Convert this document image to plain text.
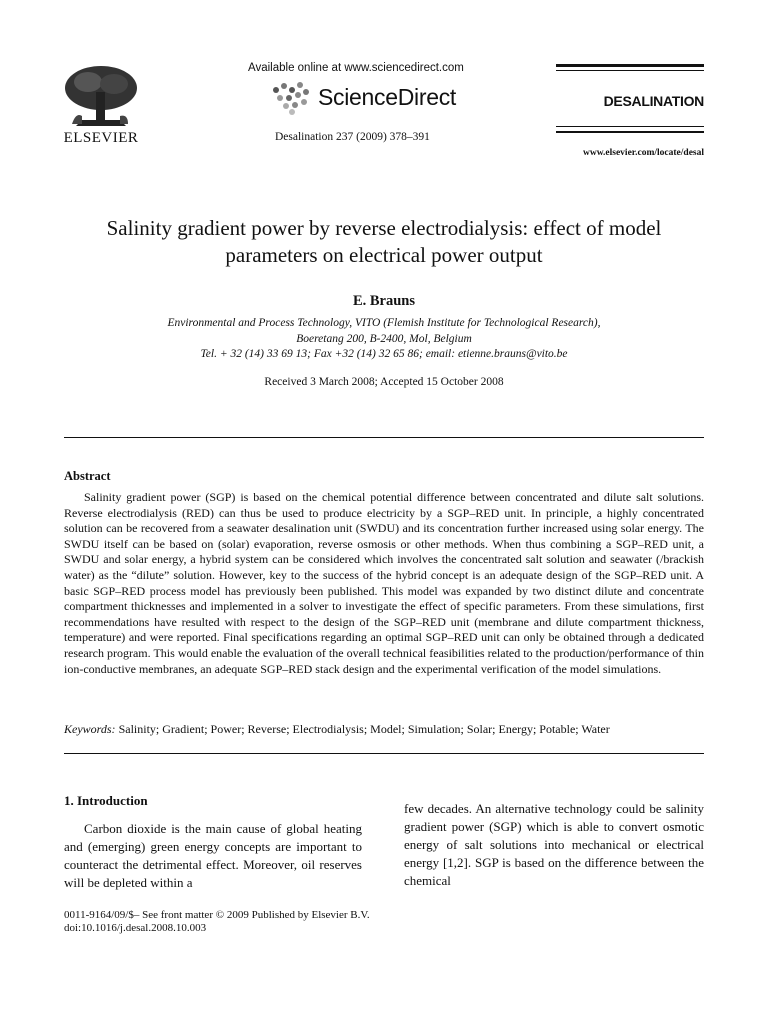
ELSEVIER
Available online at www.sciencedirect.com
ScienceDirect
Desalination 237 (2009) 378–391
DESALINATION
www.elsevier.com/locate/desal
Salinity gradient power by reverse electrodialysis: effect of model parameters on electrical power output
E. Brauns
Environmental and Process Technology, VITO (Flemish Institute for Technological Research),
Boeretang 200, B-2400, Mol, Belgium
Tel. + 32 (14) 33 69 13; Fax +32 (14) 32 65 86; email: etienne.brauns@vito.be
Received 3 March 2008; Accepted 15 October 2008
Abstract

Salinity gradient power (SGP) is based on the chemical potential difference between concentrated and dilute salt solutions. Reverse electrodialysis (RED) can thus be used to produce electricity by a SGP–RED unit. In principle, a highly concentrated solution can be recovered from a seawater desalination unit (SWDU) and its concentration further increased using solar energy. The SWDU itself can be based on (solar) evaporation, reverse osmosis or other methods. When thus combining a SGP–RED unit, a SWDU and solar energy, a hybrid system can be considered which involves the concentrated salt solution and seawater (/brackish water) as the “dilute” solution. However, key to the success of the hybrid concept is an adequate design of the SGP–RED unit. A basic SGP–RED process model has previously been published. This model was expanded by two distinct dilute and concentrate compartment thicknesses and implemented in a solver to investigate the effect of specific parameters. From these simulations, first recommendations have resulted with respect to the design of the SGP–RED unit (membrane and dilute compartment thickness, temperature) and were reported. Final specifications regarding an optimal SGP–RED unit can only be obtained through a dedicated research program. This would enable the evaluation of the overall technical feasibilities related to the production/performance of thin ion-conductive membranes, an adequate SGP–RED stack design and the experimental verification of the model simulations.

Keywords: Salinity; Gradient; Power; Reverse; Electrodialysis; Model; Simulation; Solar; Energy; Potable; Water
1. Introduction

Carbon dioxide is the main cause of global heating and (emerging) green energy concepts are important to counteract the detrimental effect. Moreover, oil reserves will be depleted within a

few decades. An alternative technology could be salinity gradient power (SGP) which is able to convert osmotic energy of salt solutions into mechanical or electrical energy [1,2]. SGP is based on the difference between the chemical

0011-9164/09/$– See front matter © 2009 Published by Elsevier B.V.
doi:10.1016/j.desal.2008.10.003
